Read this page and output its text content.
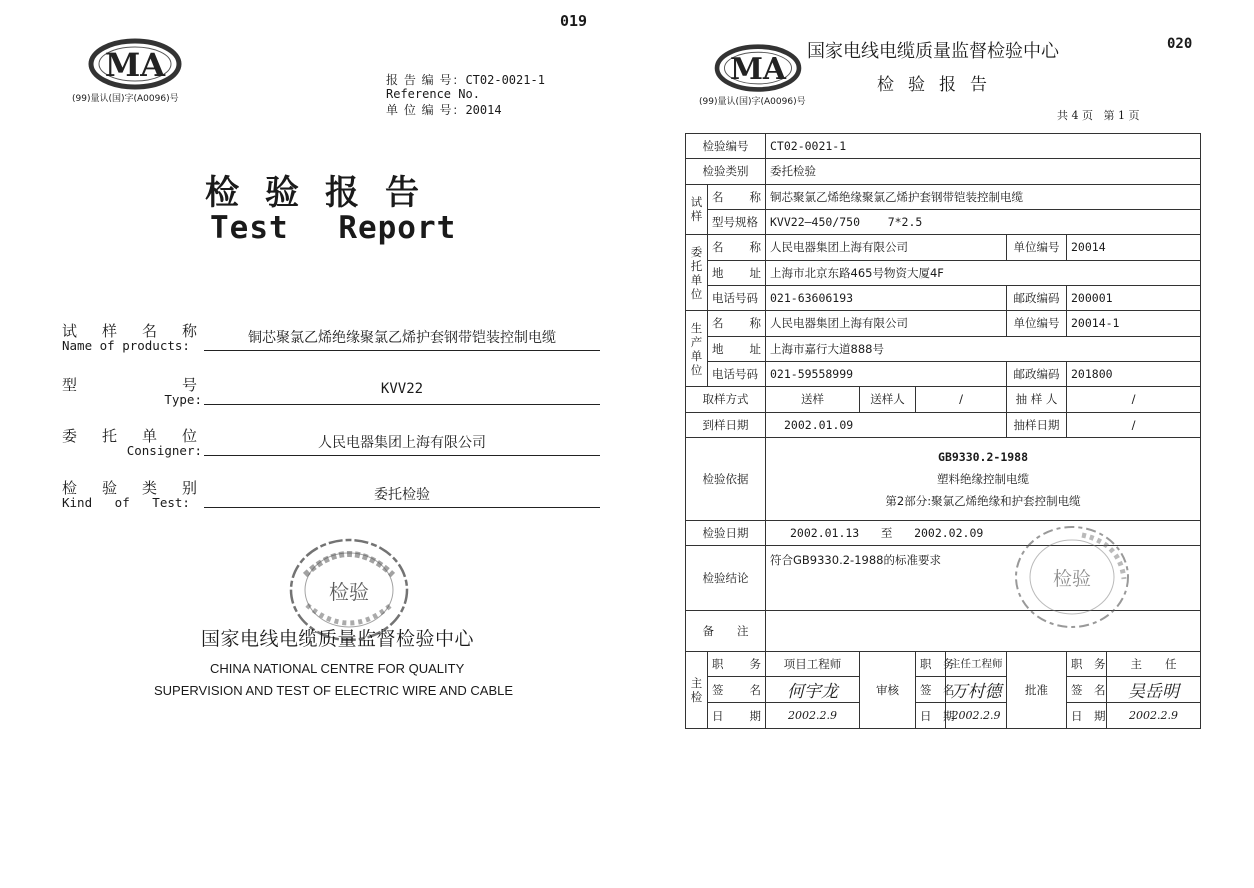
019
MA
(99)量认(国)字(A0096)号
报 告 编 号：CT02-0021-1
Reference No.
单 位 编 号：20014
检验报告
Test Report
试 样 名 称
Name of products:	铜芯聚氯乙烯绝缘聚氯乙烯护套钢带铠装控制电缆
型	号
Type:
KVV22
委 托 单 位
Consigner:	人民电器集团上海有限公司
检 验 类 别
Kind   of   Test:	委托检验
检验
国家电线电缆质量监督检验中心
CHINA NATIONAL CENTRE FOR QUALITY
SUPERVISION AND TEST OF ELECTRIC WIRE AND CABLE
020
MA
(99)量认(国)字(A0096)号
国家电线电缆质量监督检验中心
检验报告
共 4 页   第 1 页
检验编号		CT02-0021-1						
检验类别		委托检验						
试样	名　　称	铜芯聚氯乙烯绝缘聚氯乙烯护套钢带铠装控制电缆						
	型号规格	KVV22—450/750    7*2.5						
委托单位	名　　称	人民电器集团上海有限公司				单位编号	20014	
	地　　址	上海市北京东路465号物资大厦4F						
	电话号码	021-63606193				邮政编码	200001	
生产单位	名　　称	人民电器集团上海有限公司				单位编号	20014-1	
	地　　址	上海市嘉行大道888号						
	电话号码	021-59558999				邮政编码	201800	
取样方式		送样	送样人	/		抽 样 人	/	
到样日期		2002.01.09				抽样日期	/	
检验依据		GB9330.2-1988
塑料绝缘控制电缆
第2部分:聚氯乙烯绝缘和护套控制电缆						

检验日期		2002.01.13 至 2002.02.09						
检验结论		符合GB9330.2-1988的标准要求						
备　　注								
主检	职　务	项目工程师	审核	职　务	主任工程师	批准	职　务	主　　任
	签　名	何宇龙		签　名	万村德		签　名	吴岳明
	日　期	2002.2.9		日　期	2002.2.9		日　期	2002.2.9
检验
